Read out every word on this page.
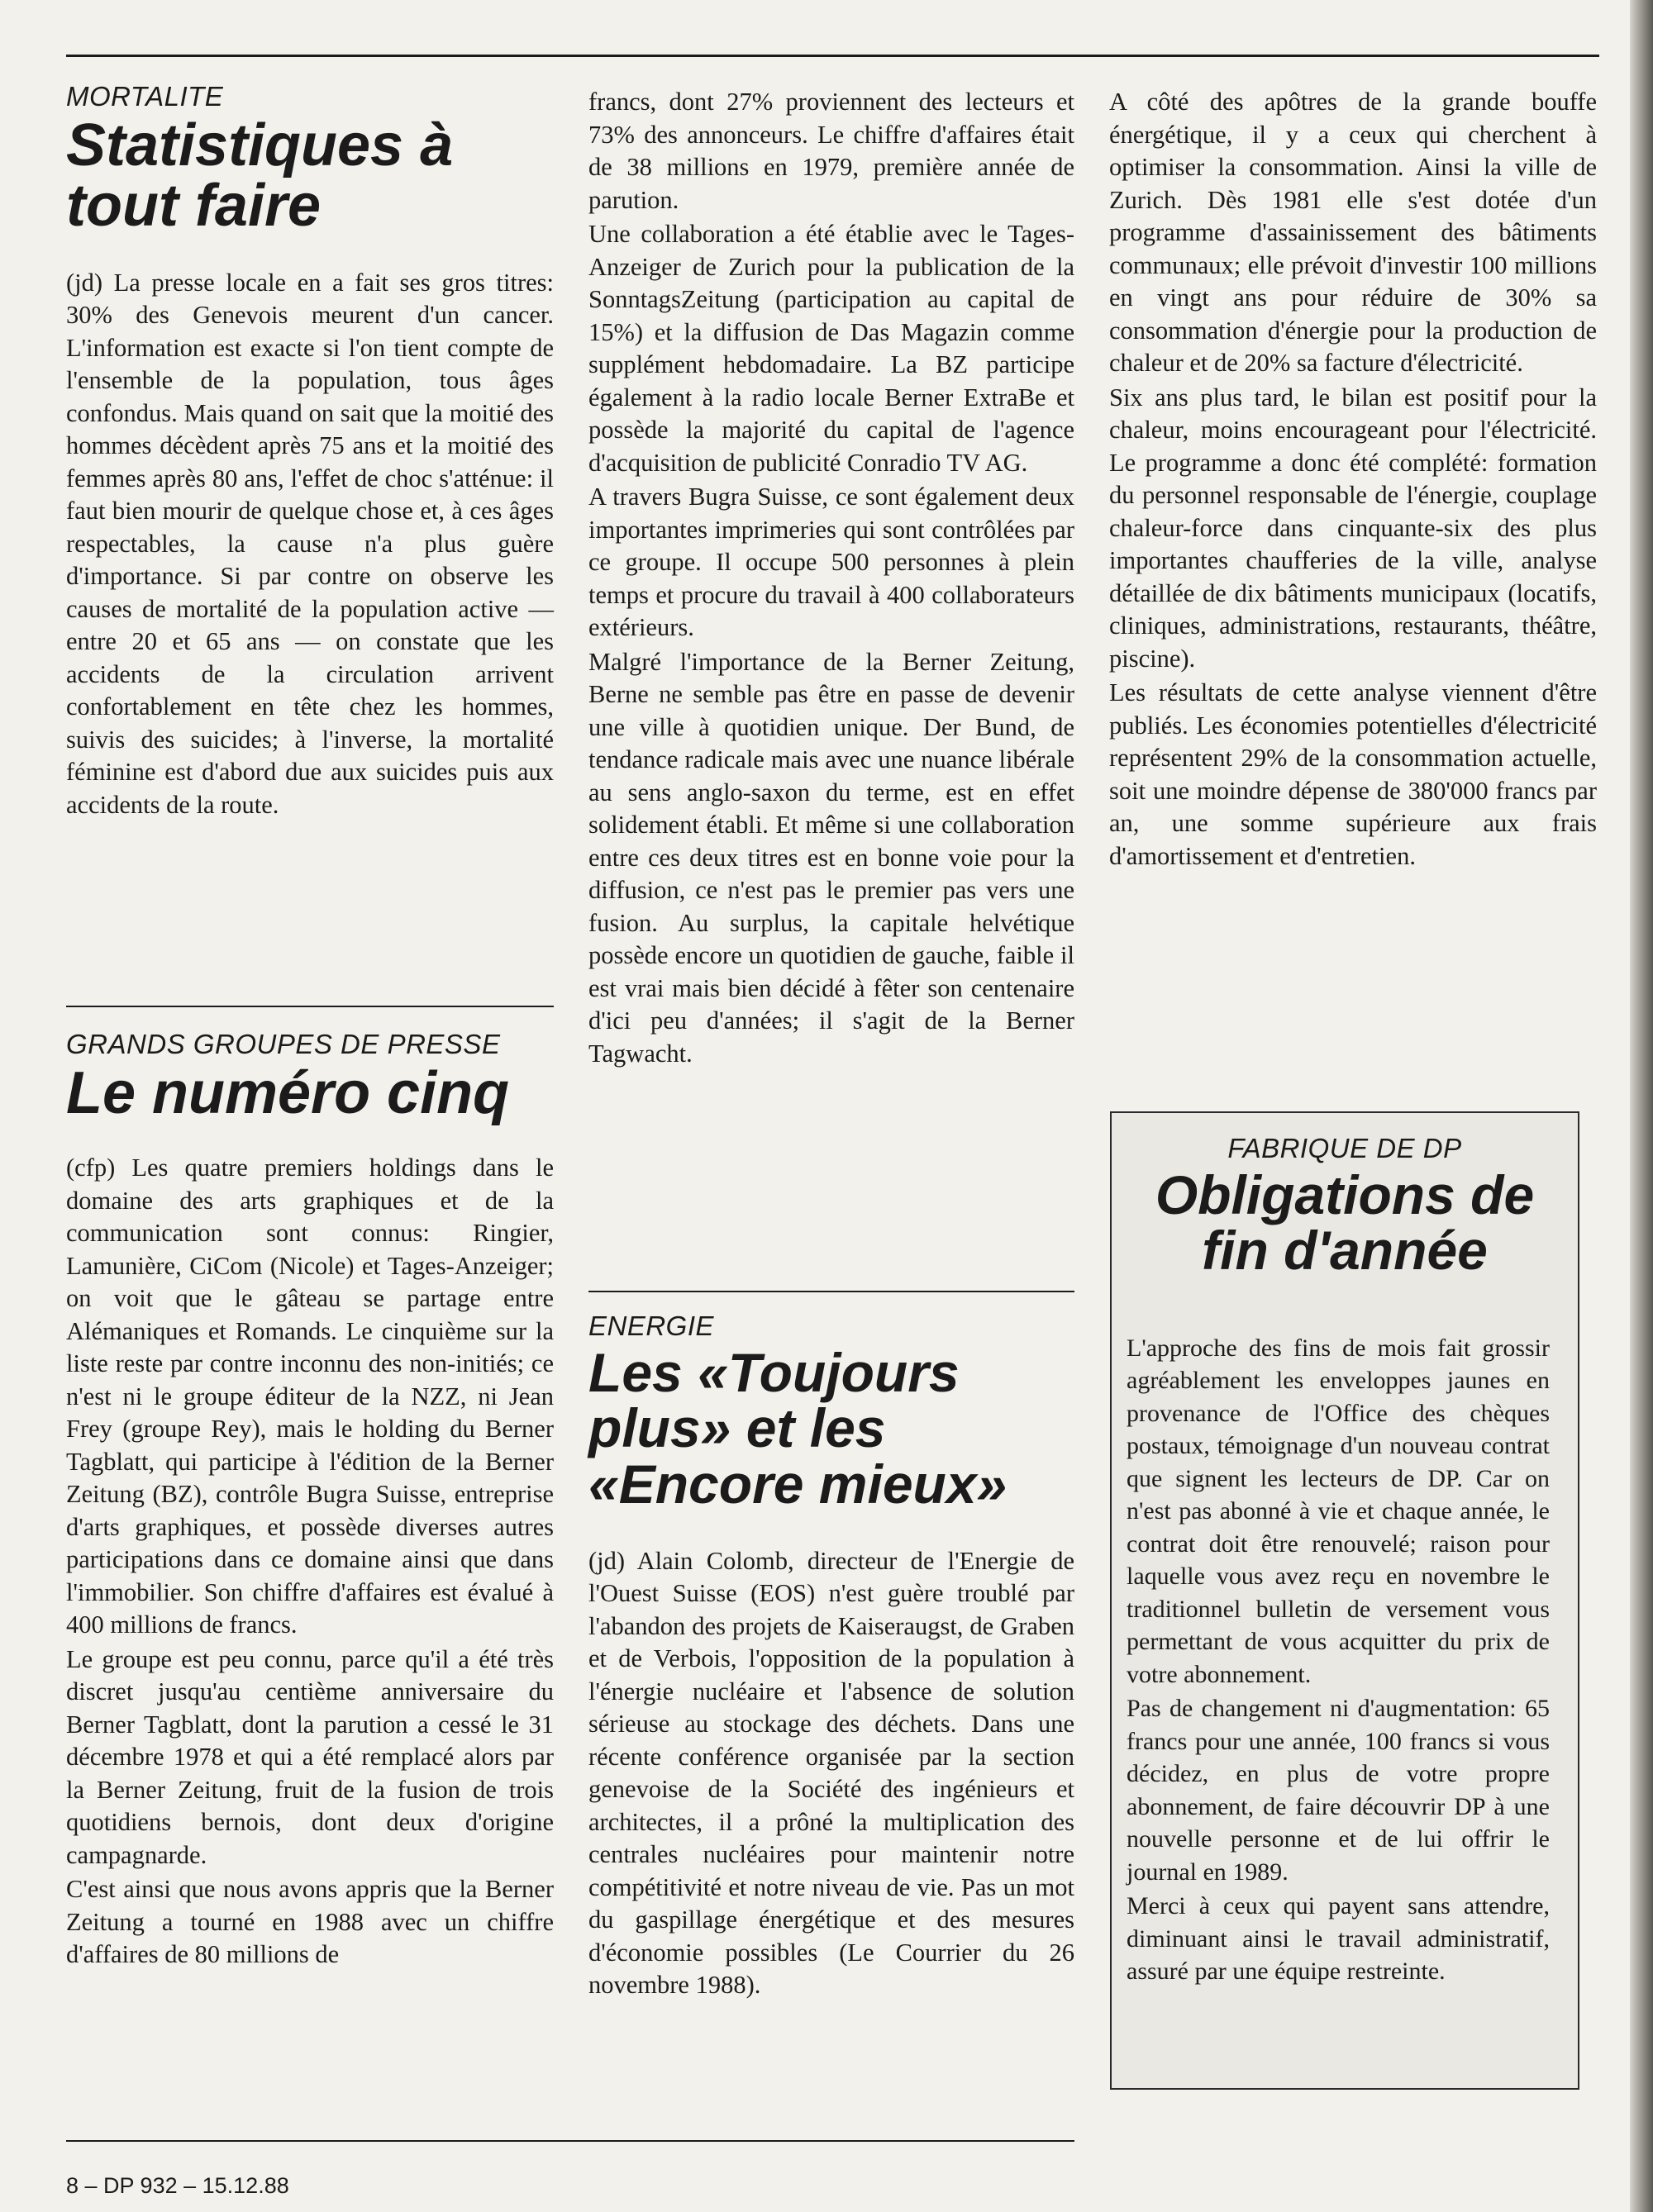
MORTALITE
Statistiques à tout faire

(jd) La presse locale en a fait ses gros titres: 30% des Genevois meurent d'un cancer. L'information est exacte si l'on tient compte de l'ensemble de la population, tous âges confondus. Mais quand on sait que la moitié des hommes décèdent après 75 ans et la moitié des femmes après 80 ans, l'effet de choc s'atténue: il faut bien mourir de quelque chose et, à ces âges respectables, la cause n'a plus guère d'importance. Si par contre on observe les causes de mortalité de la population active — entre 20 et 65 ans — on constate que les accidents de la circulation arrivent confortablement en tête chez les hommes, suivis des suicides; à l'inverse, la mortalité féminine est d'abord due aux suicides puis aux accidents de la route.

GRANDS GROUPES DE PRESSE
Le numéro cinq

(cfp) Les quatre premiers holdings dans le domaine des arts graphiques et de la communication sont connus: Ringier, Lamunière, CiCom (Nicole) et Tages-Anzeiger; on voit que le gâteau se partage entre Alémaniques et Romands. Le cinquième sur la liste reste par contre inconnu des non-initiés; ce n'est ni le groupe éditeur de la NZZ, ni Jean Frey (groupe Rey), mais le holding du Berner Tagblatt, qui participe à l'édition de la Berner Zeitung (BZ), contrôle Bugra Suisse, entreprise d'arts graphiques, et possède diverses autres participations dans ce domaine ainsi que dans l'immobilier. Son chiffre d'affaires est évalué à 400 millions de francs.

Le groupe est peu connu, parce qu'il a été très discret jusqu'au centième anniversaire du Berner Tagblatt, dont la parution a cessé le 31 décembre 1978 et qui a été remplacé alors par la Berner Zeitung, fruit de la fusion de trois quotidiens bernois, dont deux d'origine campagnarde.

C'est ainsi que nous avons appris que la Berner Zeitung a tourné en 1988 avec un chiffre d'affaires de 80 millions de

francs, dont 27% proviennent des lecteurs et 73% des annonceurs. Le chiffre d'affaires était de 38 millions en 1979, première année de parution.

Une collaboration a été établie avec le Tages-Anzeiger de Zurich pour la publication de la SonntagsZeitung (participation au capital de 15%) et la diffusion de Das Magazin comme supplément hebdomadaire. La BZ participe également à la radio locale Berner ExtraBe et possède la majorité du capital de l'agence d'acquisition de publicité Conradio TV AG.

A travers Bugra Suisse, ce sont également deux importantes imprimeries qui sont contrôlées par ce groupe. Il occupe 500 personnes à plein temps et procure du travail à 400 collaborateurs extérieurs.

Malgré l'importance de la Berner Zeitung, Berne ne semble pas être en passe de devenir une ville à quotidien unique. Der Bund, de tendance radicale mais avec une nuance libérale au sens anglo-saxon du terme, est en effet solidement établi. Et même si une collaboration entre ces deux titres est en bonne voie pour la diffusion, ce n'est pas le premier pas vers une fusion. Au surplus, la capitale helvétique possède encore un quotidien de gauche, faible il est vrai mais bien décidé à fêter son centenaire d'ici peu d'années; il s'agit de la Berner Tagwacht.

ENERGIE
Les «Toujours plus» et les «Encore mieux»

(jd) Alain Colomb, directeur de l'Energie de l'Ouest Suisse (EOS) n'est guère troublé par l'abandon des projets de Kaiseraugst, de Graben et de Verbois, l'opposition de la population à l'énergie nucléaire et l'absence de solution sérieuse au stockage des déchets. Dans une récente conférence organisée par la section genevoise de la Société des ingénieurs et architectes, il a prôné la multiplication des centrales nucléaires pour maintenir notre compétitivité et notre niveau de vie. Pas un mot du gaspillage énergétique et des mesures d'économie possibles (Le Courrier du 26 novembre 1988).

A côté des apôtres de la grande bouffe énergétique, il y a ceux qui cherchent à optimiser la consommation. Ainsi la ville de Zurich. Dès 1981 elle s'est dotée d'un programme d'assainissement des bâtiments communaux; elle prévoit d'investir 100 millions en vingt ans pour réduire de 30% sa consommation d'énergie pour la production de chaleur et de 20% sa facture d'électricité.

Six ans plus tard, le bilan est positif pour la chaleur, moins encourageant pour l'électricité. Le programme a donc été complété: formation du personnel responsable de l'énergie, couplage chaleur-force dans cinquante-six des plus importantes chaufferies de la ville, analyse détaillée de dix bâtiments municipaux (locatifs, cliniques, administrations, restaurants, théâtre, piscine).

Les résultats de cette analyse viennent d'être publiés. Les économies potentielles d'électricité représentent 29% de la consommation actuelle, soit une moindre dépense de 380'000 francs par an, une somme supérieure aux frais d'amortissement et d'entretien.

FABRIQUE DE DP
Obligations de fin d'année

L'approche des fins de mois fait grossir agréablement les enveloppes jaunes en provenance de l'Office des chèques postaux, témoignage d'un nouveau contrat que signent les lecteurs de DP. Car on n'est pas abonné à vie et chaque année, le contrat doit être renouvelé; raison pour laquelle vous avez reçu en novembre le traditionnel bulletin de versement vous permettant de vous acquitter du prix de votre abonnement.

Pas de changement ni d'augmentation: 65 francs pour une année, 100 francs si vous décidez, en plus de votre propre abonnement, de faire découvrir DP à une nouvelle personne et de lui offrir le journal en 1989.

Merci à ceux qui payent sans attendre, diminuant ainsi le travail administratif, assuré par une équipe restreinte.

8 – DP 932 – 15.12.88
